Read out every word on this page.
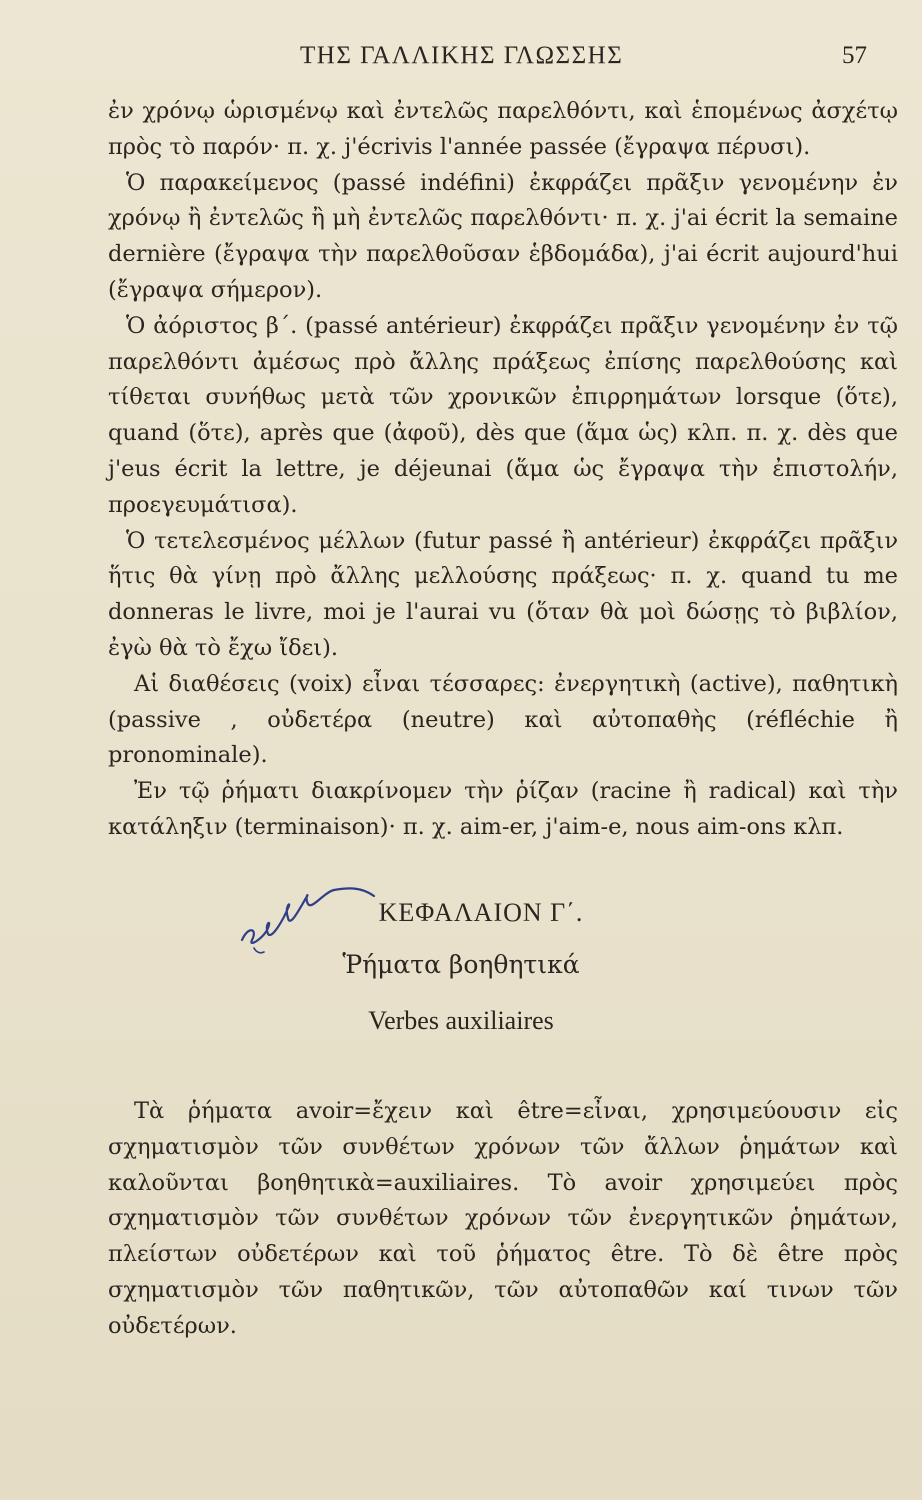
ΤΗΣ ΓΑΛΛΙΚΗΣ ΓΛΩΣΣΗΣ	57

ἐν χρόνῳ ὡρισμένῳ καὶ ἐντελῶς παρελθόντι, καὶ ἑπομένως ἀσχέτῳ πρὸς τὸ παρόν· π. χ. j'écrivis l'année passée (ἔγραψα πέρυσι).

Ὁ παρακείμενος (passé indéfini) ἐκφράζει πρᾶξιν γενομένην ἐν χρόνῳ ἢ ἐντελῶς ἢ μὴ ἐντελῶς παρελθόντι· π. χ. j'ai écrit la semaine dernière (ἔγραψα τὴν παρελθοῦσαν ἑβδομάδα), j'ai écrit aujourd'hui (ἔγραψα σήμερον).

Ὁ ἀόριστος β΄. (passé antérieur) ἐκφράζει πρᾶξιν γενομένην ἐν τῷ παρελθόντι ἀμέσως πρὸ ἄλλης πράξεως ἐπίσης παρελθούσης καὶ τίθεται συνήθως μετὰ τῶν χρονικῶν ἐπιρρημάτων lorsque (ὅτε), quand (ὅτε), après que (ἀφοῦ), dès que (ἅμα ὡς) κλπ. π. χ. dès que j'eus écrit la lettre, je déjeunai (ἅμα ὡς ἔγραψα τὴν ἐπιστολήν, προεγευμάτισα).

Ὁ τετελεσμένος μέλλων (futur passé ἢ antérieur) ἐκφράζει πρᾶξιν ἥτις θὰ γίνῃ πρὸ ἄλλης μελλούσης πράξεως· π. χ. quand tu me donneras le livre, moi je l'aurai vu (ὅταν θὰ μοὶ δώσῃς τὸ βιβλίον, ἐγὼ θὰ τὸ ἔχω ἴδει).

Αἱ διαθέσεις (voix) εἶναι τέσσαρες: ἐνεργητικὴ (active), παθητικὴ (passive , οὐδετέρα (neutre) καὶ αὐτοπαθὴς (réfléchie ἢ pronominale).

Ἐν τῷ ῥήματι διακρίνομεν τὴν ῥίζαν (racine ἢ radical) καὶ τὴν κατάληξιν (terminaison)· π. χ. aim-er, j'aim-e, nous aim-ons κλπ.

ΚΕΦΑΛΑΙΟΝ Γ΄.

Ῥήματα βοηθητικά

Verbes auxiliaires

Τὰ ῥήματα avoir=ἔχειν καὶ être=εἶναι, χρησιμεύουσιν εἰς σχηματισμὸν τῶν συνθέτων χρόνων τῶν ἄλλων ῥημάτων καὶ καλοῦνται βοηθητικὰ=auxiliaires. Τὸ avoir χρησιμεύει πρὸς σχηματισμὸν τῶν συνθέτων χρόνων τῶν ἐνεργητικῶν ῥημάτων, πλείστων οὐδετέρων καὶ τοῦ ῥήματος être. Τὸ δὲ être πρὸς σχηματισμὸν τῶν παθητικῶν, τῶν αὐτοπαθῶν καί τινων τῶν οὐδετέρων.
